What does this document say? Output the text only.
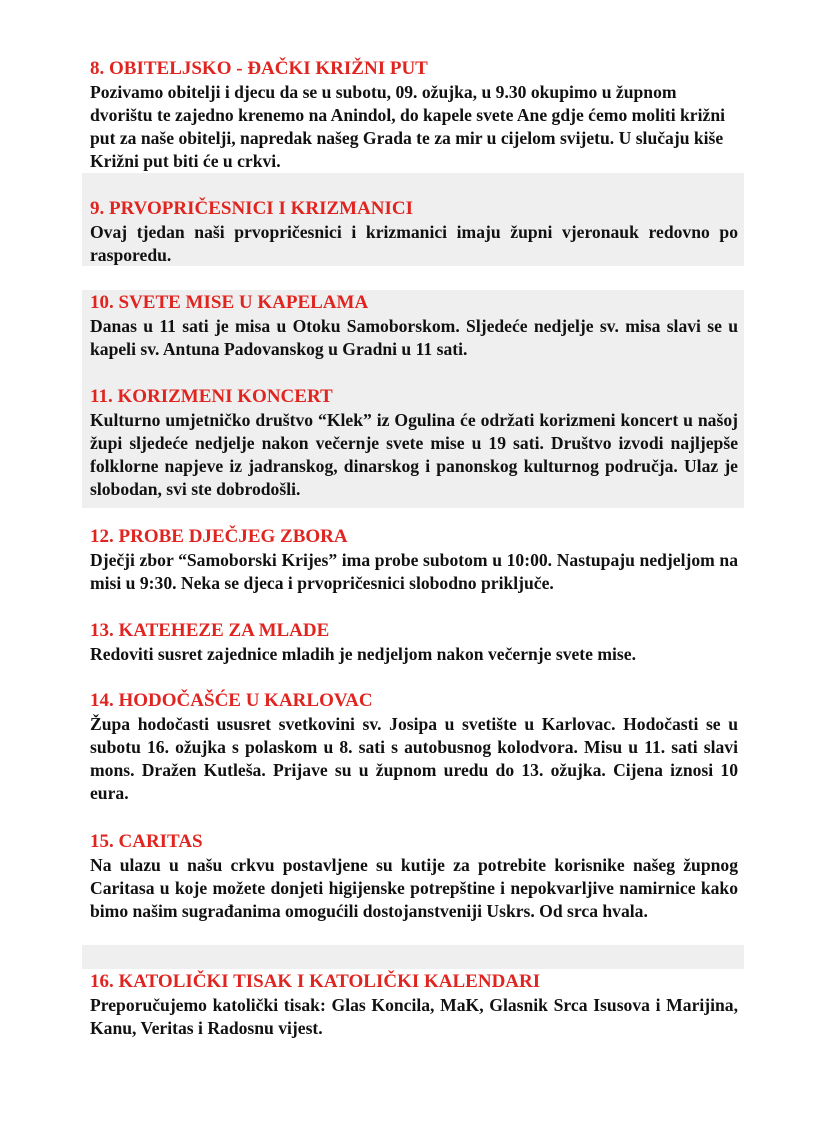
8. OBITELJSKO - ĐAČKI KRIŽNI PUT
Pozivamo obitelji i djecu da se u subotu, 09. ožujka, u 9.30 okupimo u župnom dvorištu te zajedno krenemo na Anindol, do kapele svete Ane gdje ćemo moliti križni put za naše obitelji, napredak našeg Grada te za mir u cijelom svijetu. U slučaju kiše Križni put biti će u crkvi.
9. PRVOPRIČESNICI I KRIZMANICI
Ovaj tjedan naši prvopričesnici i krizmanici imaju župni vjeronauk redovno po rasporedu.
10. SVETE MISE U KAPELAMA
Danas u 11 sati je misa u Otoku Samoborskom. Sljedeće nedjelje sv. misa slavi se u kapeli sv. Antuna Padovanskog u Gradni u 11 sati.
11. KORIZMENI KONCERT
Kulturno umjetničko društvo “Klek” iz Ogulina će održati korizmeni koncert u našoj župi sljedeće nedjelje nakon večernje svete mise u 19 sati. Društvo izvodi najljepše folklorne napjeve iz jadranskog, dinarskog i panonskog kulturnog područja. Ulaz je slobodan, svi ste dobrodošli.
12. PROBE DJEČJEG ZBORA
Dječji zbor “Samoborski Krijes” ima probe subotom u 10:00. Nastupaju nedjeljom na misi u 9:30. Neka se djeca i prvopričesnici slobodno priključe.
13. KATEHEZE ZA MLADE
Redoviti susret zajednice mladih je nedjeljom nakon večernje svete mise.
14. HODOČAŠĆE U KARLOVAC
Župa hodočasti ususret svetkovini sv. Josipa u svetište u Karlovac. Hodočasti se u subotu 16. ožujka s polaskom u 8. sati s autobusnog kolodvora. Misu u 11. sati slavi mons. Dražen Kutleša. Prijave su u župnom uredu do 13. ožujka. Cijena iznosi 10 eura.
15. CARITAS
Na ulazu u našu crkvu postavljene su kutije za potrebite korisnike našeg župnog Caritasa u koje možete donjeti higijenske potrepštine i nepokvarljive namirnice kako bimo našim sugrađanima omogućili dostojanstveniji Uskrs. Od srca hvala.
16. KATOLIČKI TISAK I KATOLIČKI KALENDARI
Preporučujemo katolički tisak: Glas Koncila, MaK, Glasnik Srca Isusova i Marijina, Kanu, Veritas i Radosnu vijest.
